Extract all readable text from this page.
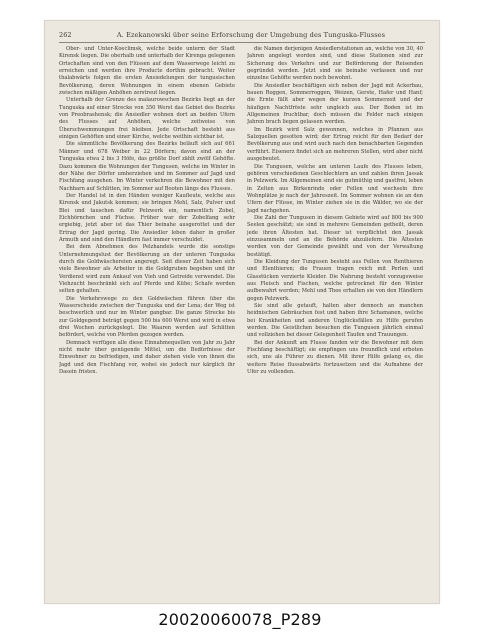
262	A. Ezekanowski über seine Erforschung der Umgebung des Tunguska-Flusses

Ober- und Unter-Koeclimsk, welche beide unterm der Stadt Kirensk liegen. Die oberhalb und unterhalb der Kirenga gelegenen Ortschaften sind von den Flüssen auf dem Wasserwege leicht zu erreichen und werden ihre Producte dorthin gebracht. Weiter thalabwärts folgen die ersten Ansiedelungen der tungusischen Bevölkerung, deren Wohnungen in einem ebenen Gebiete zwischen mäßigen Anhöhen zerstreut liegen.

Unterhalb der Grenze des malaurowschen Bezirks liegt an der Tunguska auf einer Strecke von 350 Werst das Gebiet des Bezirks von Preobrashensk; die Ansiedler wohnen dort an beiden Ufern des Flusses auf Anhöhen, welche zeitweise von Überschwemmungen frei bleiben. Jede Ortschaft besteht aus einigen Gehöften und einer Kirche, welche weithin sichtbar ist.

Die sämmtliche Bevölkerung des Bezirks beläuft sich auf 661 Männer und 678 Weiber in 22 Dörfern; davon sind an der Tunguska etwa 2 bis 3 Höfe, das größte Dorf zählt zwölf Gehöfte. Dazu kommen die Wohnungen der Tungusen, welche im Winter in der Nähe der Dörfer umherziehen und im Sommer auf Jagd und Fischfang ausgehen. Im Winter verkehren die Bewohner mit den Nachbarn auf Schlitten, im Sommer auf Booten längs des Flusses.

Der Handel ist in den Händen weniger Kaufleute, welche aus Kirensk und Jakutsk kommen; sie bringen Mehl, Salz, Pulver und Blei und tauschen dafür Pelzwerk ein, namentlich Zobel, Eichhörnchen und Füchse. Früher war der Zobelfang sehr ergiebig, jetzt aber ist das Thier beinahe ausgerottet und der Ertrag der Jagd gering. Die Ansiedler leben daher in großer Armuth und sind den Händlern fast immer verschuldet.

Bei dem Abnehmen des Pelzhandels wurde die sonstige Unternehmungslust der Bevölkerung an der unteren Tunguska durch die Goldwäschereien angeregt. Seit dieser Zeit haben sich viele Bewohner als Arbeiter in die Goldgruben begeben und ihr Verdienst wird zum Ankauf von Vieh und Getreide verwendet. Die Viehzucht beschränkt sich auf Pferde und Kühe; Schafe werden selten gehalten.

Die Verkehrswege zu den Goldwäschen führen über die Wasserscheide zwischen der Tunguska und der Lena; der Weg ist beschwerlich und nur im Winter gangbar. Die ganze Strecke bis zur Goldgegend beträgt gegen 500 bis 600 Werst und wird in etwa drei Wochen zurückgelegt. Die Waaren werden auf Schlitten befördert, welche von Pferden gezogen werden.

Demnach verfügen alle diese Einnahmequellen von Jahr zu Jahr nicht mehr über genügende Mittel, um die Bedürfnisse der Einwohner zu befriedigen, und daher ziehen viele von ihnen die Jagd und den Fischfang vor, wobei sie jedoch nur kärglich ihr Dasein fristen.

die Namen derjenigen Ansiedlerstationen an, welche von 30, 40 Jahren angelegt worden sind, und diese Stationen sind zur Sicherung des Verkehrs und zur Beförderung der Reisenden gegründet worden. Jetzt sind sie beinahe verlassen und nur einzelne Gehöfte werden noch bewohnt.

Die Ansiedler beschäftigen sich neben der Jagd mit Ackerbau, bauen Roggen, Sommerroggen, Weizen, Gerste, Hafer und Hanf; die Ernte fällt aber wegen der kurzen Sommerzeit und der häufigen Nachtfröste sehr ungleich aus. Der Boden ist im Allgemeinen fruchtbar, doch müssen die Felder nach einigen Jahren brach liegen gelassen werden.

Im Bezirk wird Salz gewonnen, welches in Pfannen aus Salzquellen gesotten wird; der Ertrag reicht für den Bedarf der Bevölkerung aus und wird auch nach den benachbarten Gegenden verführt. Eisenerz findet sich an mehreren Stellen, wird aber nicht ausgebeutet.

Die Tungusen, welche am unteren Laufe des Flusses leben, gehören verschiedenen Geschlechtern an und zahlen ihren Jassak in Pelzwerk. Im Allgemeinen sind sie gutmüthig und gastfrei, leben in Zelten aus Birkenrinde oder Fellen und wechseln ihre Wohnplätze je nach der Jahreszeit. Im Sommer wohnen sie an den Ufern der Flüsse, im Winter ziehen sie in die Wälder, wo sie der Jagd nachgehen.

Die Zahl der Tungusen in diesem Gebiete wird auf 800 bis 900 Seelen geschätzt; sie sind in mehrere Gemeinden getheilt, deren jede ihren Ältesten hat. Dieser ist verpflichtet den Jassak einzusammeln und an die Behörde abzuliefern. Die Ältesten werden von der Gemeinde gewählt und von der Verwaltung bestätigt.

Die Kleidung der Tungusen besteht aus Fellen von Renthieren und Elenthieren; die Frauen tragen reich mit Perlen und Glasstücken verzierte Kleider. Die Nahrung besteht vorzugsweise aus Fleisch und Fischen, welche getrocknet für den Winter aufbewahrt werden; Mehl und Thee erhalten sie von den Händlern gegen Pelzwerk.

Sie sind alle getauft, halten aber dennoch an manchen heidnischen Gebräuchen fest und haben ihre Schamanen, welche bei Krankheiten und anderen Unglücksfällen zu Hilfe gerufen werden. Die Geistlichen besuchen die Tungusen jährlich einmal und vollziehen bei dieser Gelegenheit Taufen und Trauungen.

Bei der Ankunft am Flusse fanden wir die Bewohner mit dem Fischfang beschäftigt; sie empfingen uns freundlich und erboten sich, uns als Führer zu dienen. Mit ihrer Hilfe gelang es, die weitere Reise flussabwärts fortzusetzen und die Aufnahme der Ufer zu vollenden.

20020060078_P289
